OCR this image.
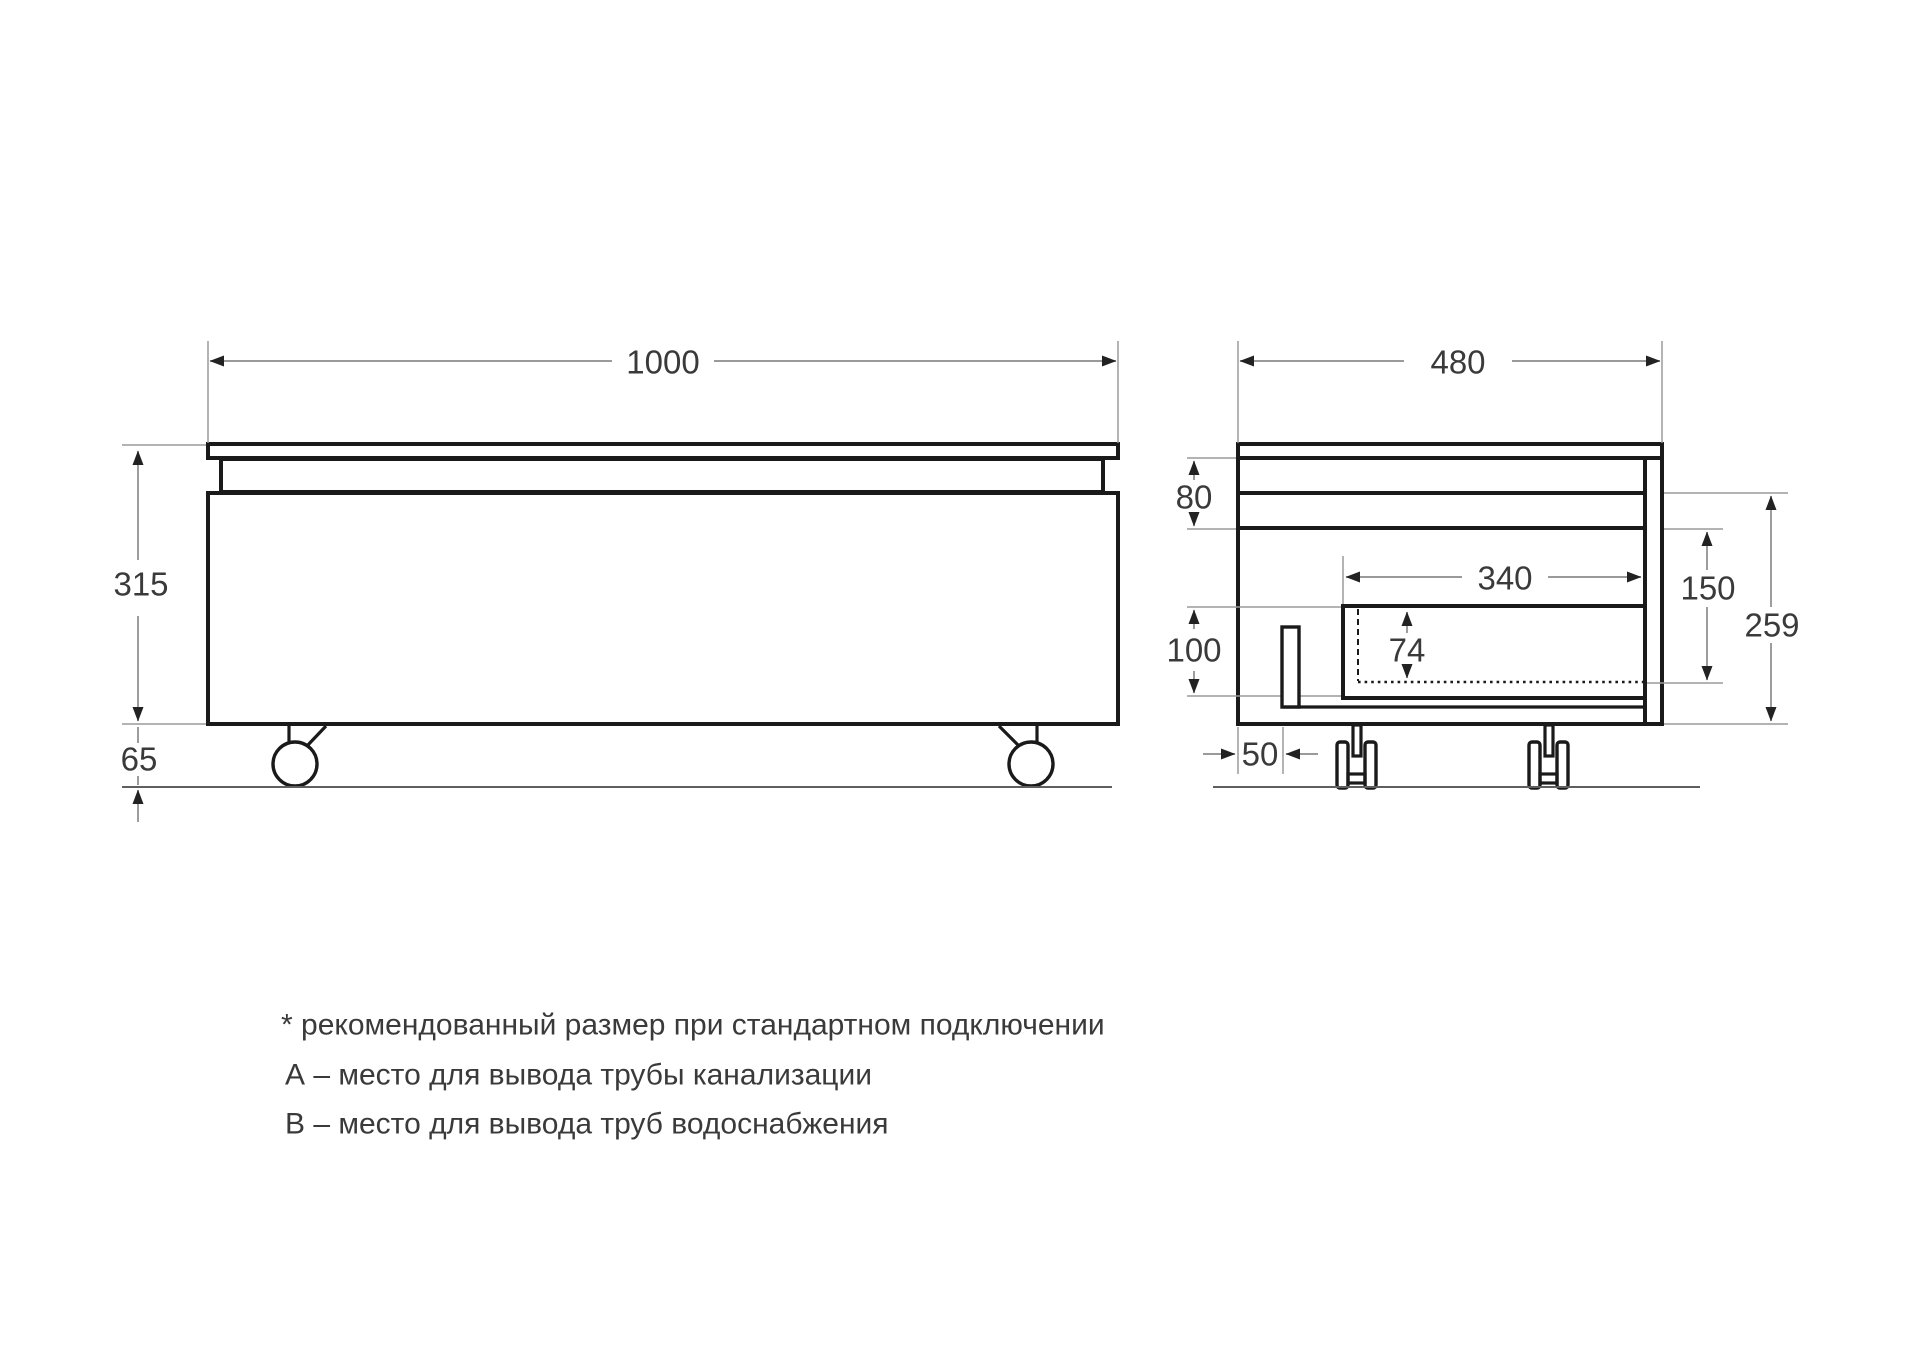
1000
315
65
480
80
100
340
74
150
259
50
* рекомендованный размер при стандартном подключении
А – место для вывода трубы канализации
В – место для вывода труб водоснабжения
